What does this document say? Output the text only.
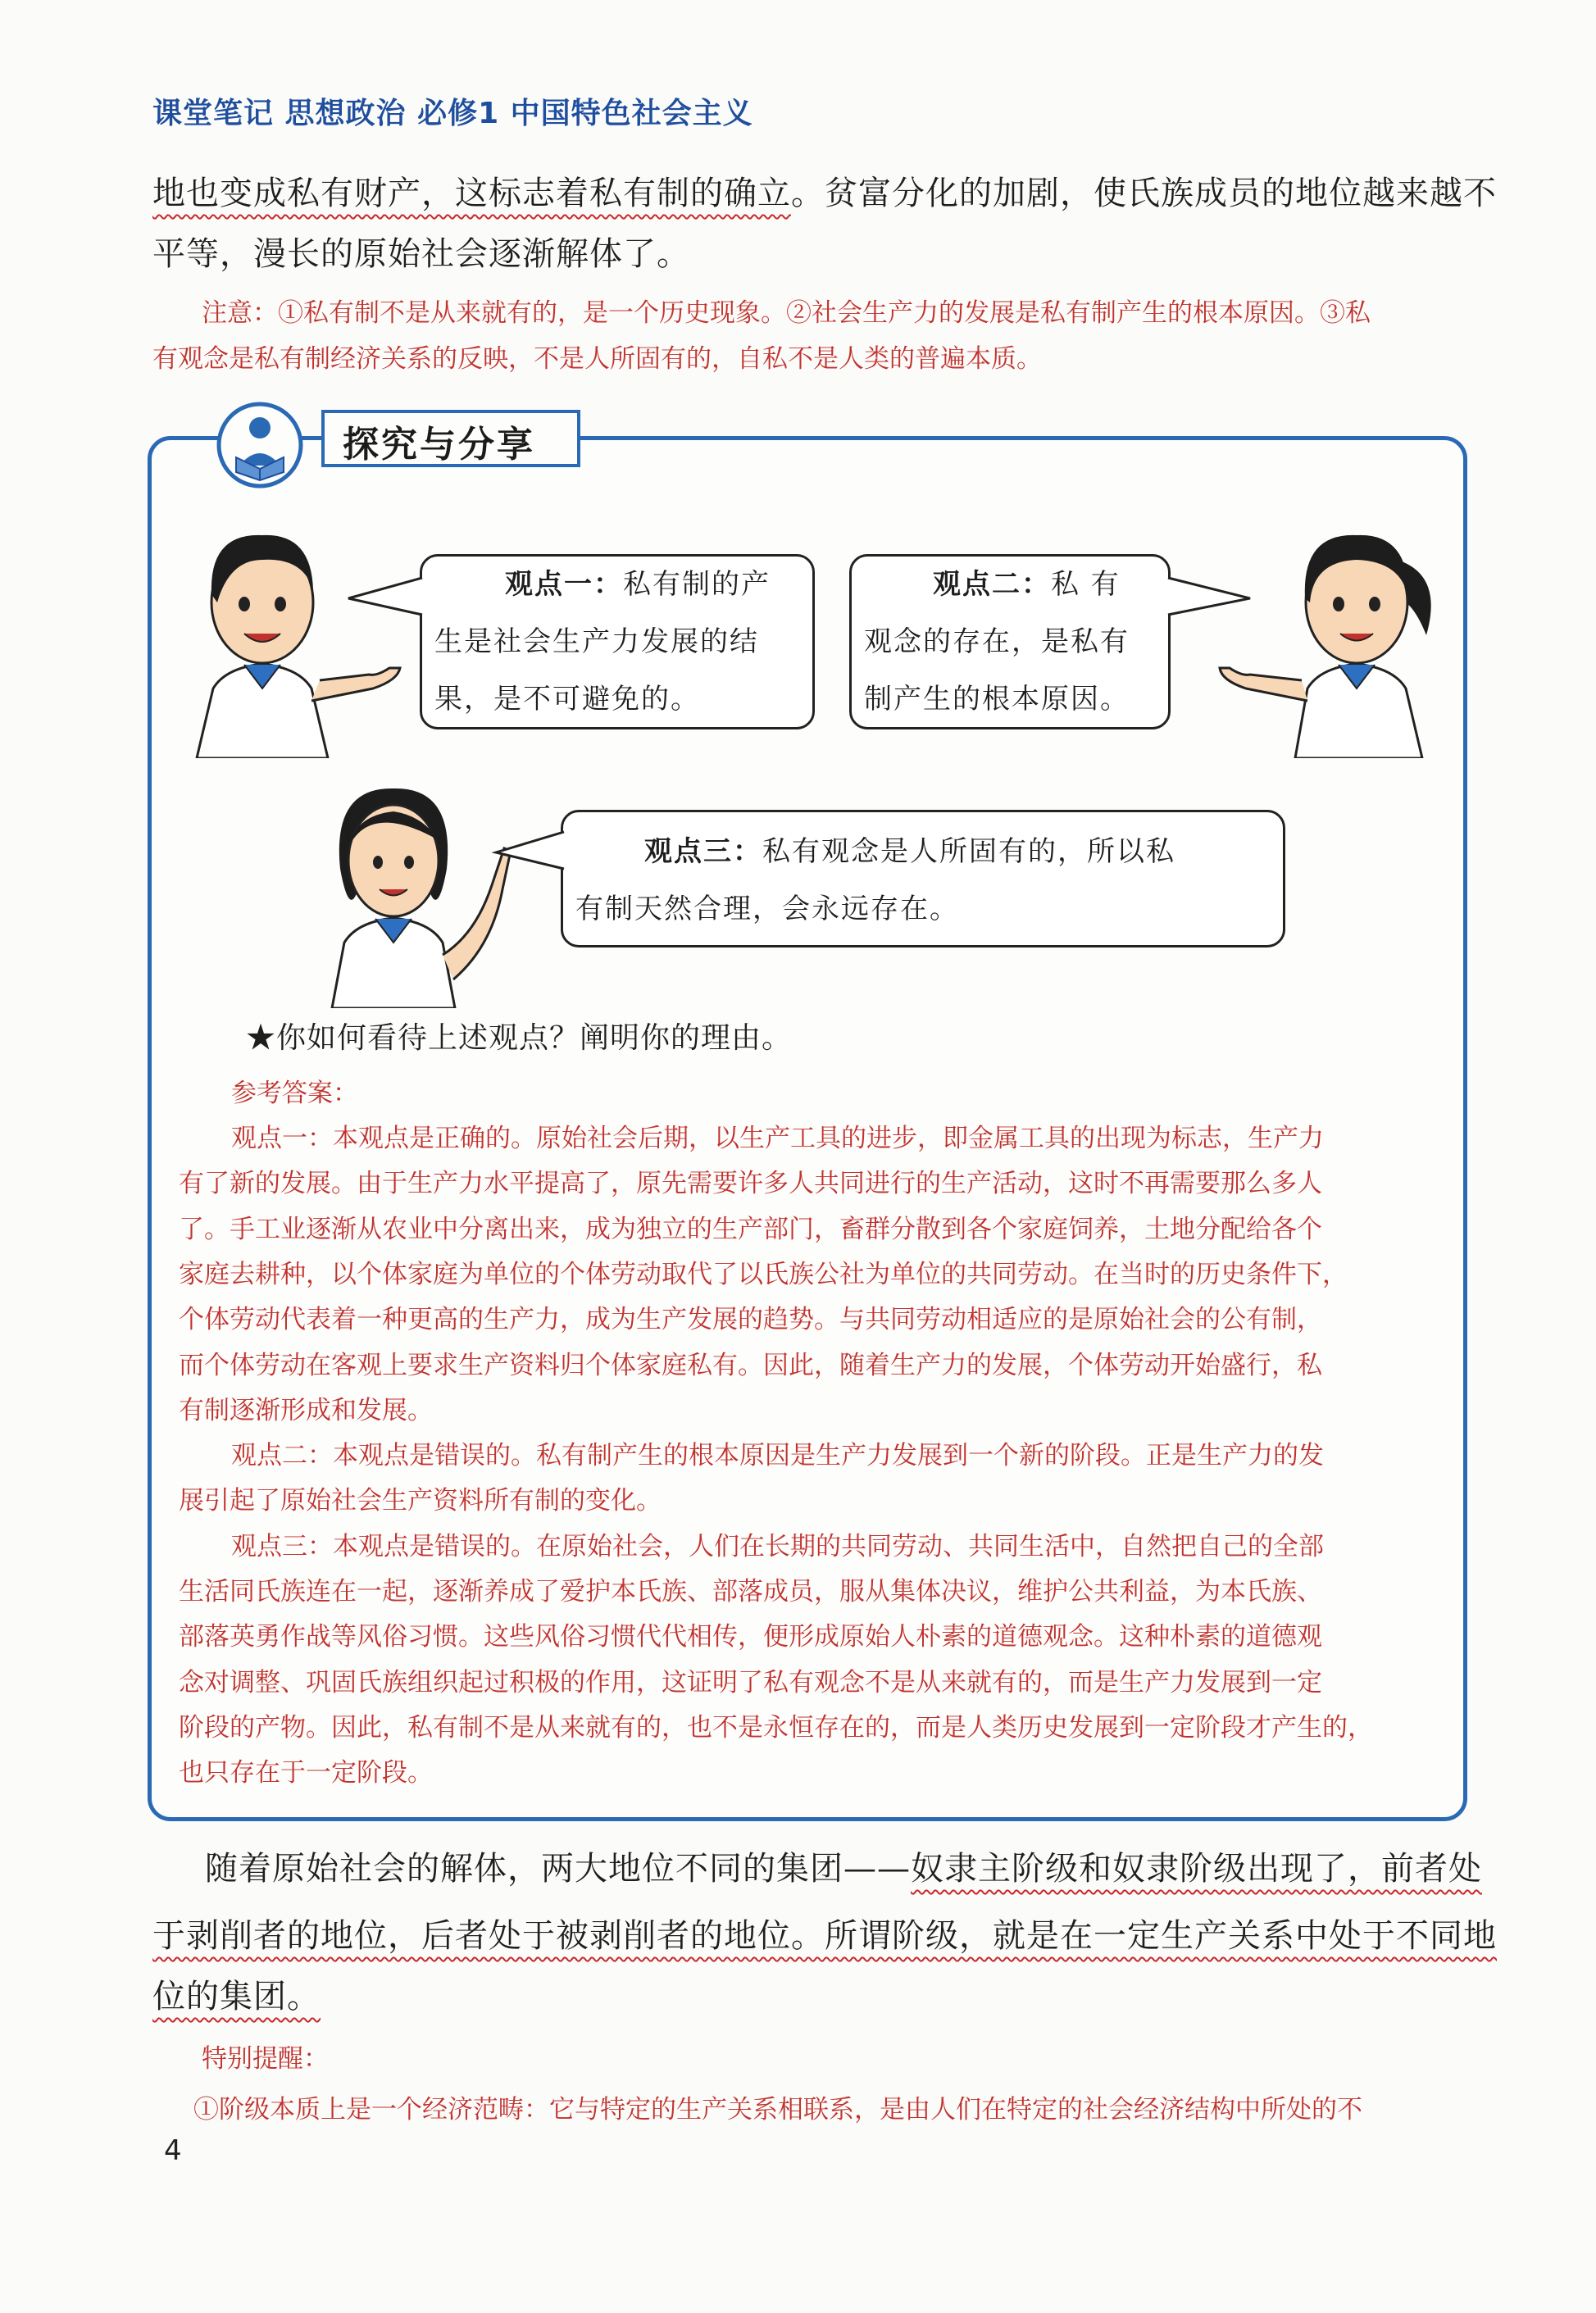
课堂笔记 思想政治 必修1 中国特色社会主义
地也变成私有财产，这标志着私有制的确立。贫富分化的加剧，使氏族成员的地位越来越不
平等，漫长的原始社会逐渐解体了。
注意：①私有制不是从来就有的，是一个历史现象。②社会生产力的发展是私有制产生的根本原因。③私
有观念是私有制经济关系的反映，不是人所固有的，自私不是人类的普遍本质。
探究与分享
观点一：私有制的产
生是社会生产力发展的结
果，是不可避免的。
观点二：私 有
观念的存在，是私有
制产生的根本原因。
观点三：私有观念是人所固有的，所以私
有制天然合理，会永远存在。
★你如何看待上述观点？阐明你的理由。
参考答案：
观点一：本观点是正确的。原始社会后期，以生产工具的进步，即金属工具的出现为标志，生产力
有了新的发展。由于生产力水平提高了，原先需要许多人共同进行的生产活动，这时不再需要那么多人
了。手工业逐渐从农业中分离出来，成为独立的生产部门，畜群分散到各个家庭饲养，土地分配给各个
家庭去耕种，以个体家庭为单位的个体劳动取代了以氏族公社为单位的共同劳动。在当时的历史条件下，
个体劳动代表着一种更高的生产力，成为生产发展的趋势。与共同劳动相适应的是原始社会的公有制，
而个体劳动在客观上要求生产资料归个体家庭私有。因此，随着生产力的发展，个体劳动开始盛行，私
有制逐渐形成和发展。
观点二：本观点是错误的。私有制产生的根本原因是生产力发展到一个新的阶段。正是生产力的发
展引起了原始社会生产资料所有制的变化。
观点三：本观点是错误的。在原始社会，人们在长期的共同劳动、共同生活中，自然把自己的全部
生活同氏族连在一起，逐渐养成了爱护本氏族、部落成员，服从集体决议，维护公共利益，为本氏族、
部落英勇作战等风俗习惯。这些风俗习惯代代相传，便形成原始人朴素的道德观念。这种朴素的道德观
念对调整、巩固氏族组织起过积极的作用，这证明了私有观念不是从来就有的，而是生产力发展到一定
阶段的产物。因此，私有制不是从来就有的，也不是永恒存在的，而是人类历史发展到一定阶段才产生的，
也只存在于一定阶段。
随着原始社会的解体，两大地位不同的集团——奴隶主阶级和奴隶阶级出现了，前者处
于剥削者的地位，后者处于被剥削者的地位。所谓阶级，就是在一定生产关系中处于不同地
位的集团。
特别提醒：
①阶级本质上是一个经济范畴：它与特定的生产关系相联系，是由人们在特定的社会经济结构中所处的不
4
